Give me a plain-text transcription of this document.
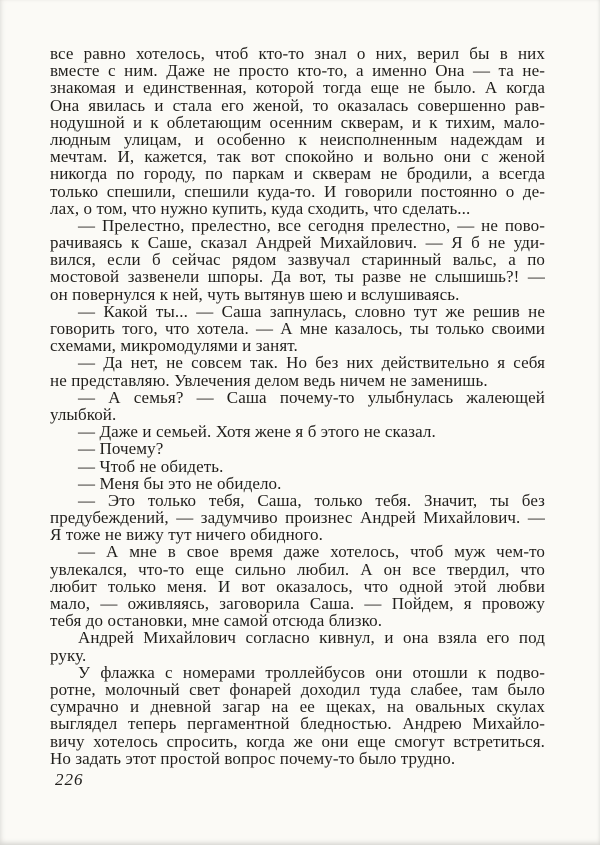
все равно хотелось, чтоб кто-то знал о них, верил бы в них
вместе с ним. Даже не просто кто-то, а именно Она — та не-
знакомая и единственная, которой тогда еще не было. А когда
Она явилась и стала его женой, то оказалась совершенно рав-
нодушной и к облетающим осенним скверам, и к тихим, мало-
людным улицам, и особенно к неисполненным надеждам и
мечтам. И, кажется, так вот спокойно и вольно они с женой
никогда по городу, по паркам и скверам не бродили, а всегда
только спешили, спешили куда-то. И говорили постоянно о де-
лах, о том, что нужно купить, куда сходить, что сделать...
— Прелестно, прелестно, все сегодня прелестно, — не пово-
рачиваясь к Саше, сказал Андрей Михайлович. — Я б не уди-
вился, если б сейчас рядом зазвучал старинный вальс, а по
мостовой зазвенели шпоры. Да вот, ты разве не слышишь?! —
он повернулся к ней, чуть вытянув шею и вслушиваясь.
— Какой ты... — Саша запнулась, словно тут же решив не
говорить того, что хотела. — А мне казалось, ты только своими
схемами, микромодулями и занят.
— Да нет, не совсем так. Но без них действительно я себя
не представляю. Увлечения делом ведь ничем не заменишь.
— А семья? — Саша почему-то улыбнулась жалеющей
улыбкой.
— Даже и семьей. Хотя жене я б этого не сказал.
— Почему?
— Чтоб не обидеть.
— Меня бы это не обидело.
— Это только тебя, Саша, только тебя. Значит, ты без
предубеждений, — задумчиво произнес Андрей Михайлович. —
Я тоже не вижу тут ничего обидного.
— А мне в свое время даже хотелось, чтоб муж чем-то
увлекался, что-то еще сильно любил. А он все твердил, что
любит только меня. И вот оказалось, что одной этой любви
мало, — оживляясь, заговорила Саша. — Пойдем, я провожу
тебя до остановки, мне самой отсюда близко.
Андрей Михайлович согласно кивнул, и она взяла его под
руку.
У флажка с номерами троллейбусов они отошли к подво-
ротне, молочный свет фонарей доходил туда слабее, там было
сумрачно и дневной загар на ее щеках, на овальных скулах
выглядел теперь пергаментной бледностью. Андрею Михайло-
вичу хотелось спросить, когда же они еще смогут встретиться.
Но задать этот простой вопрос почему-то было трудно.
226
